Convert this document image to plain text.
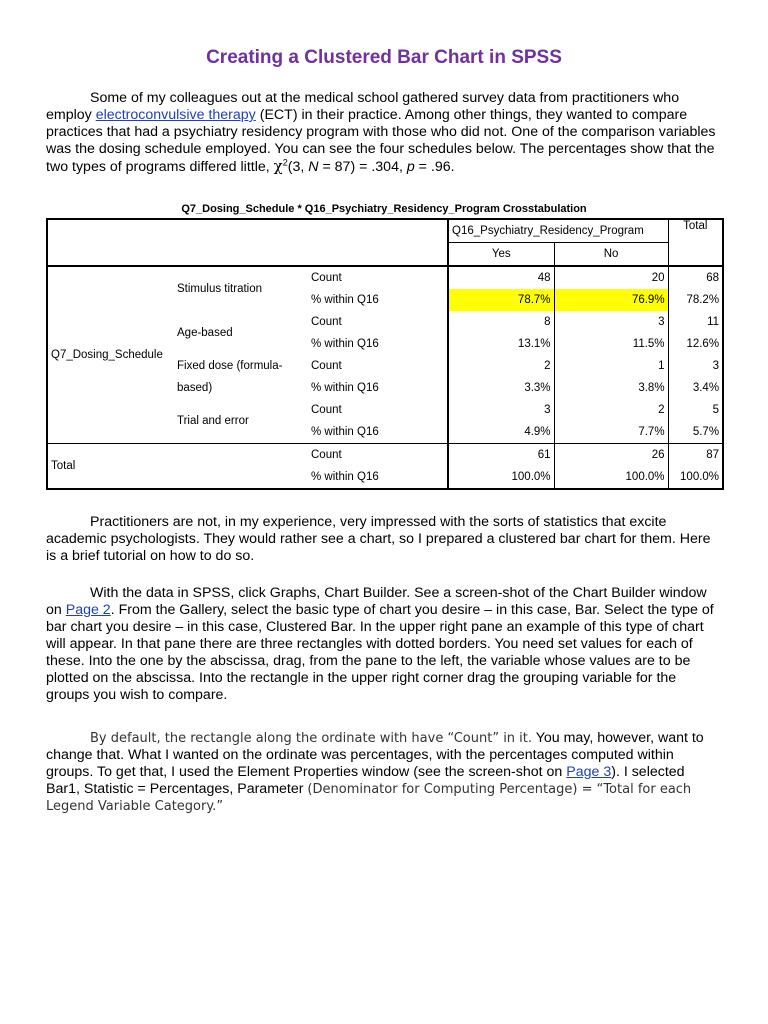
Creating a Clustered Bar Chart in SPSS

Some of my colleagues out at the medical school gathered survey data from practitioners who employ electroconvulsive therapy (ECT) in their practice. Among other things, they wanted to compare practices that had a psychiatry residency program with those who did not. One of the comparison variables was the dosing schedule employed. You can see the four schedules below. The percentages show that the two types of programs differed little, $\chi^2(3$, N = 87) = .304, p = .96.

Q7_Dosing_Schedule * Q16_Psychiatry_Residency_Program Crosstabulation
			Q16_Psychiatry_Residency_Program		Total
			Yes	No	
Q7_Dosing_Schedule	Stimulus titration	Count	48	20	68
		% within Q16	78.7%	76.9%	78.2%
	Age-based	Count	8	3	11
		% within Q16	13.1%	11.5%	12.6%
	Fixed dose (formula-	Count	2	1	3
	based)	% within Q16	3.3%	3.8%	3.4%
	Trial and error	Count	3	2	5
		% within Q16	4.9%	7.7%	5.7%
Total		Count	61	26	87
		% within Q16	100.0%	100.0%	100.0%

Practitioners are not, in my experience, very impressed with the sorts of statistics that excite academic psychologists. They would rather see a chart, so I prepared a clustered bar chart for them. Here is a brief tutorial on how to do so.

With the data in SPSS, click Graphs, Chart Builder. See a screen-shot of the Chart Builder window on Page 2. From the Gallery, select the basic type of chart you desire – in this case, Bar. Select the type of bar chart you desire – in this case, Clustered Bar. In the upper right pane an example of this type of chart will appear. In that pane there are three rectangles with dotted borders. You need set values for each of these. Into the one by the abscissa, drag, from the pane to the left, the variable whose values are to be plotted on the abscissa. Into the rectangle in the upper right corner drag the grouping variable for the groups you wish to compare.

By default, the rectangle along the ordinate with have “Count” in it. You may, however, want to change that. What I wanted on the ordinate was percentages, with the percentages computed within groups. To get that, I used the Element Properties window (see the screen-shot on Page 3). I selected Bar1, Statistic = Percentages, Parameter (Denominator for Computing Percentage) = “Total for each Legend Variable Category.”
